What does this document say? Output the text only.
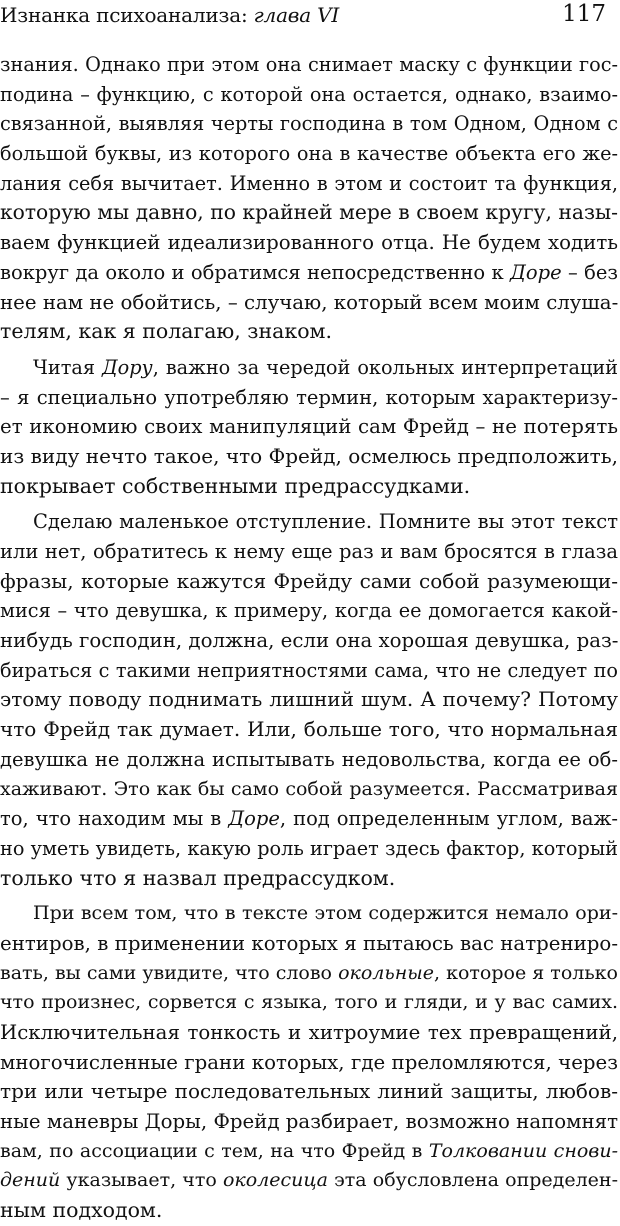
Изнанка психоанализа: глава VI	117
знания. Однако при этом она снимает маску с функции гос-
подина – функцию, с которой она остается, однако, взаимо-
связанной, выявляя черты господина в том Одном, Одном с
большой буквы, из которого она в качестве объекта его же-
лания себя вычитает. Именно в этом и состоит та функция,
которую мы давно, по крайней мере в своем кругу, назы-
ваем функцией идеализированного отца. Не будем ходить
вокруг да около и обратимся непосредственно к Доре – без
нее нам не обойтись, – случаю, который всем моим слуша-
телям, как я полагаю, знаком.
Читая Дору, важно за чередой окольных интерпретаций
– я специально употребляю термин, которым характеризу-
ет икономию своих манипуляций сам Фрейд – не потерять
из виду нечто такое, что Фрейд, осмелюсь предположить,
покрывает собственными предрассудками.
Сделаю маленькое отступление. Помните вы этот текст
или нет, обратитесь к нему еще раз и вам бросятся в глаза
фразы, которые кажутся Фрейду сами собой разумеющи-
мися – что девушка, к примеру, когда ее домогается какой-
нибудь господин, должна, если она хорошая девушка, раз-
бираться с такими неприятностями сама, что не следует по
этому поводу поднимать лишний шум. А почему? Потому
что Фрейд так думает. Или, больше того, что нормальная
девушка не должна испытывать недовольства, когда ее об-
хаживают. Это как бы само собой разумеется. Рассматривая
то, что находим мы в Доре, под определенным углом, важ-
но уметь увидеть, какую роль играет здесь фактор, который
только что я назвал предрассудком.
При всем том, что в тексте этом содержится немало ори-
ентиров, в применении которых я пытаюсь вас натрениро-
вать, вы сами увидите, что слово окольные, которое я только
что произнес, сорвется с языка, того и гляди, и у вас самих.
Исключительная тонкость и хитроумие тех превращений,
многочисленные грани которых, где преломляются, через
три или четыре последовательных линий защиты, любов-
ные маневры Доры, Фрейд разбирает, возможно напомнят
вам, по ассоциации с тем, на что Фрейд в Толковании снови-
дений указывает, что околесица эта обусловлена определен-
ным подходом.
